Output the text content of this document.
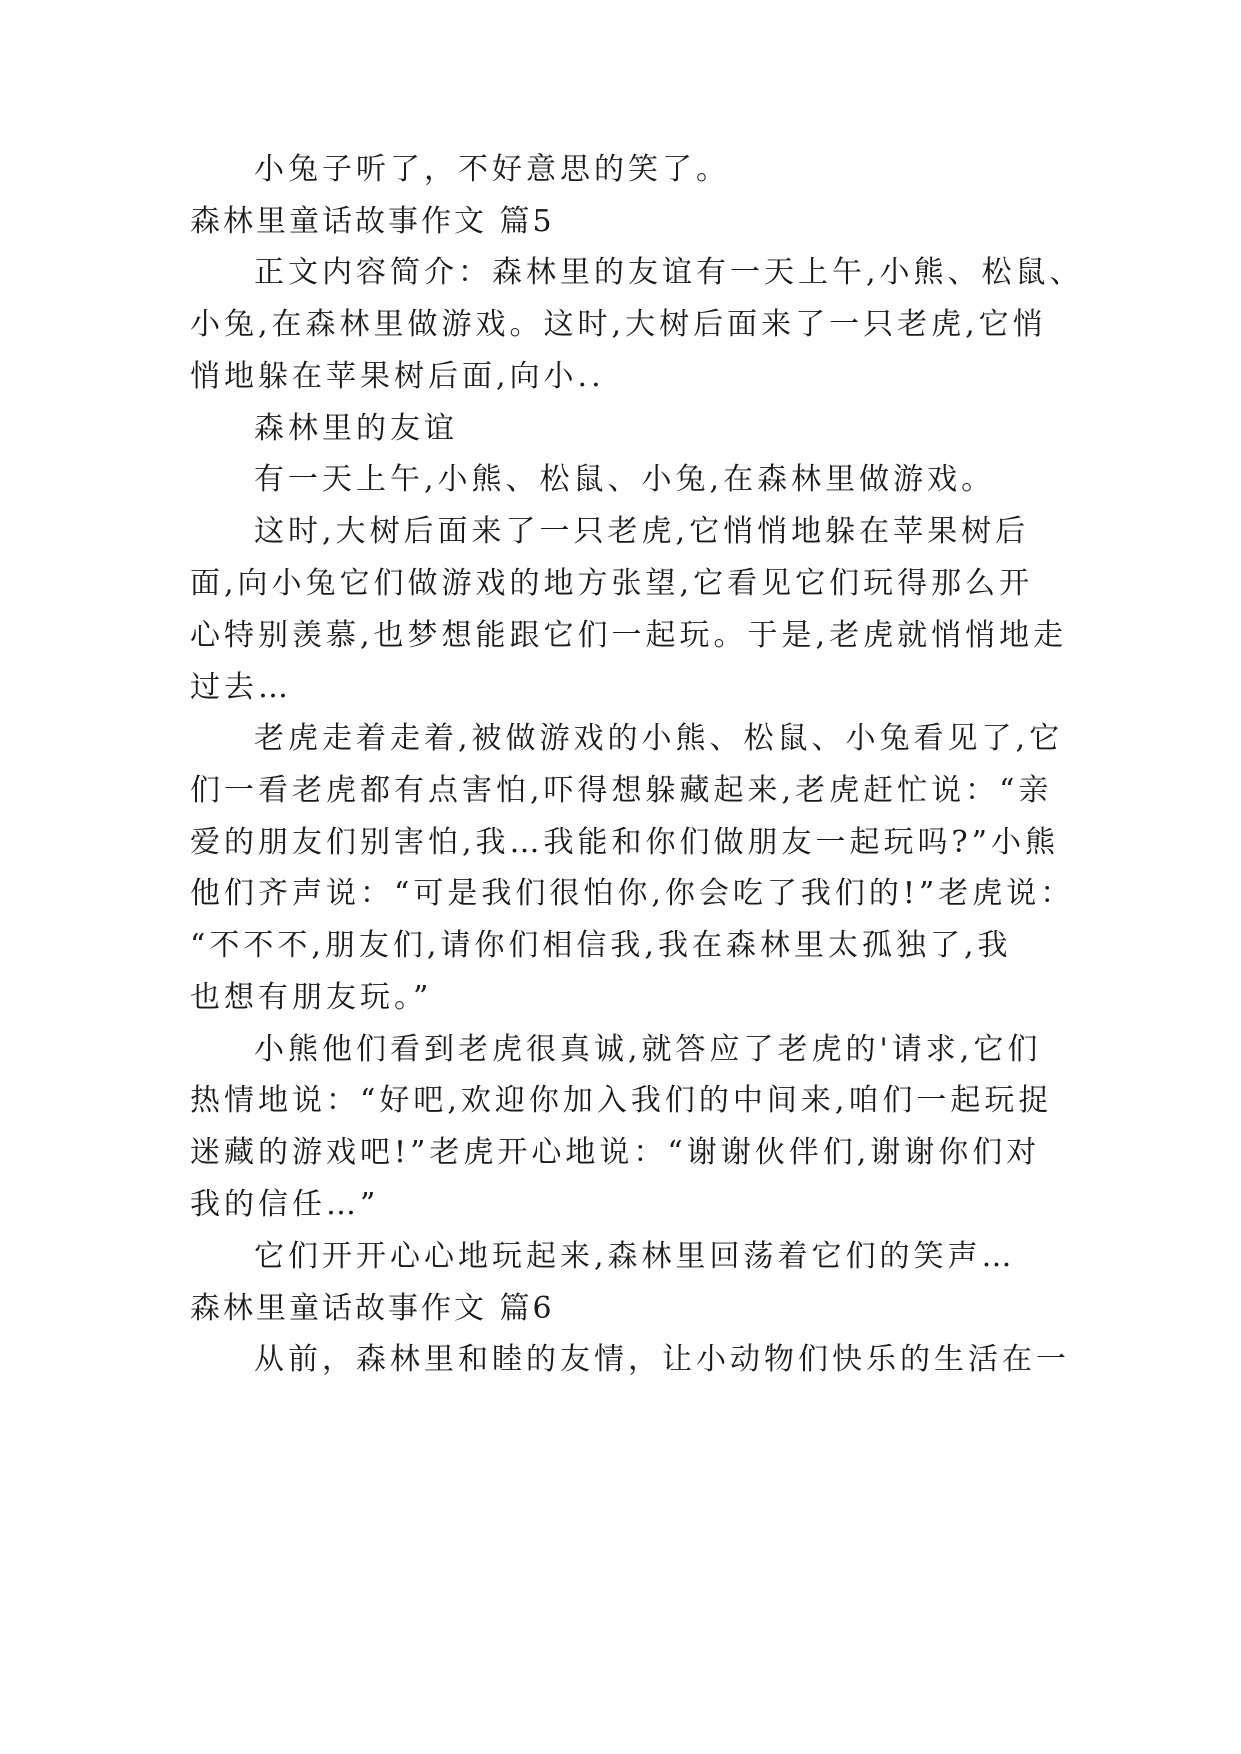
小兔子听了，不好意思的笑了。

森林里童话故事作文 篇5

正文内容简介：森林里的友谊有一天上午,小熊、松鼠、

小兔,在森林里做游戏。这时,大树后面来了一只老虎,它悄

悄地躲在苹果树后面,向小..

森林里的友谊

有一天上午,小熊、松鼠、小兔,在森林里做游戏。

这时,大树后面来了一只老虎,它悄悄地躲在苹果树后

面,向小兔它们做游戏的地方张望,它看见它们玩得那么开

心特别羡慕,也梦想能跟它们一起玩。于是,老虎就悄悄地走

过去…

老虎走着走着,被做游戏的小熊、松鼠、小兔看见了,它

们一看老虎都有点害怕,吓得想躲藏起来,老虎赶忙说：“亲

爱的朋友们别害怕,我…我能和你们做朋友一起玩吗?”小熊

他们齐声说：“可是我们很怕你,你会吃了我们的!”老虎说：

“不不不,朋友们,请你们相信我,我在森林里太孤独了,我

也想有朋友玩。”

小熊他们看到老虎很真诚,就答应了老虎的'请求,它们

热情地说：“好吧,欢迎你加入我们的中间来,咱们一起玩捉

迷藏的游戏吧!”老虎开心地说：“谢谢伙伴们,谢谢你们对

我的信任…”

它们开开心心地玩起来,森林里回荡着它们的笑声…

森林里童话故事作文 篇6

从前，森林里和睦的友情，让小动物们快乐的生活在一
